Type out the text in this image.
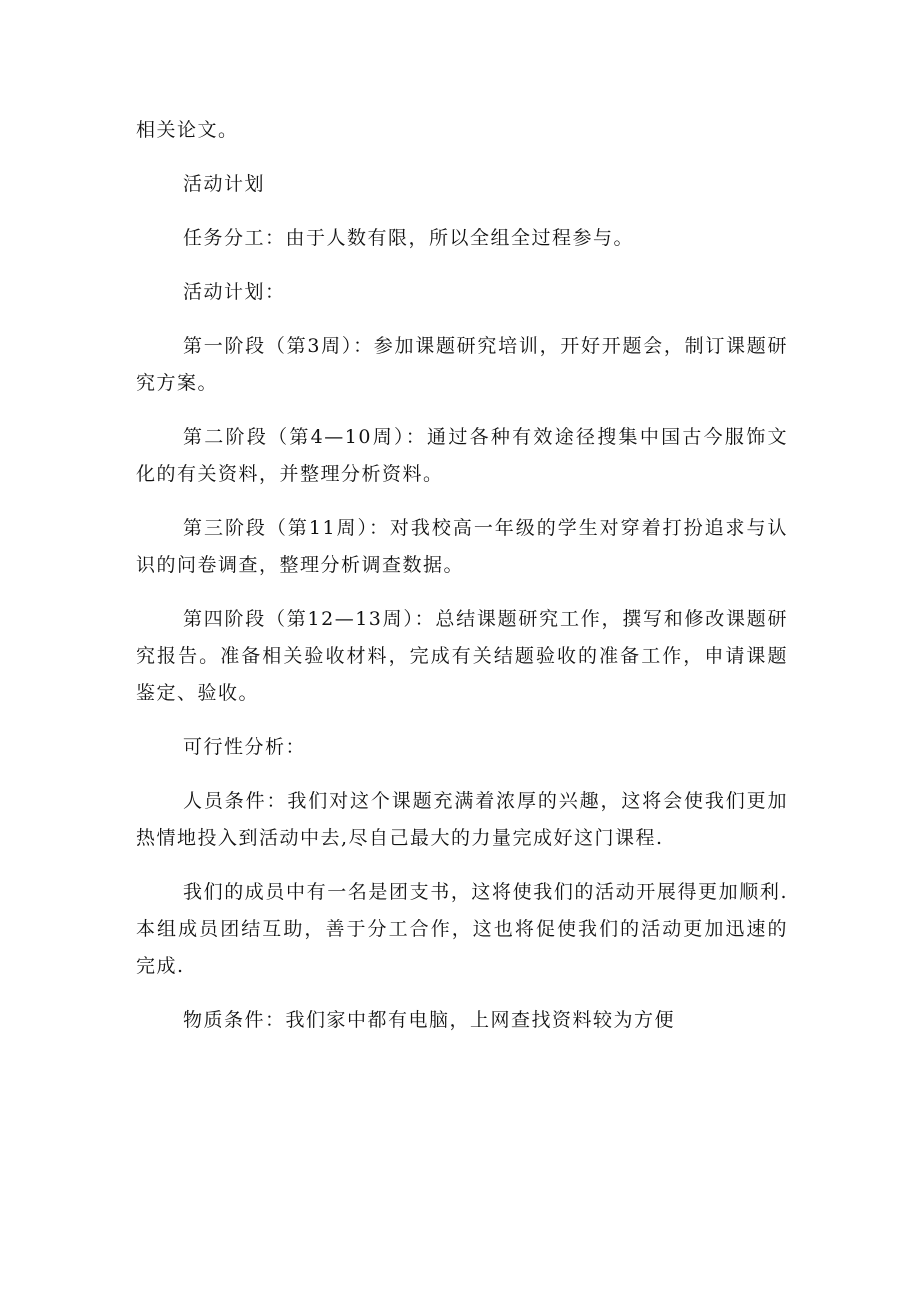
相关论文。

活动计划

任务分工：由于人数有限，所以全组全过程参与。

活动计划：

第一阶段（第3周）：参加课题研究培训，开好开题会，制订课题研究方案。

第二阶段（第4—10周）：通过各种有效途径搜集中国古今服饰文化的有关资料，并整理分析资料。

第三阶段（第11周）：对我校高一年级的学生对穿着打扮追求与认识的问卷调查，整理分析调查数据。

第四阶段（第12—13周）：总结课题研究工作，撰写和修改课题研究报告。准备相关验收材料，完成有关结题验收的准备工作，申请课题鉴定、验收。

可行性分析：

人员条件：我们对这个课题充满着浓厚的兴趣，这将会使我们更加热情地投入到活动中去,尽自己最大的力量完成好这门课程.

我们的成员中有一名是团支书，这将使我们的活动开展得更加顺利.本组成员团结互助，善于分工合作，这也将促使我们的活动更加迅速的完成.

物质条件：我们家中都有电脑，上网查找资料较为方便
